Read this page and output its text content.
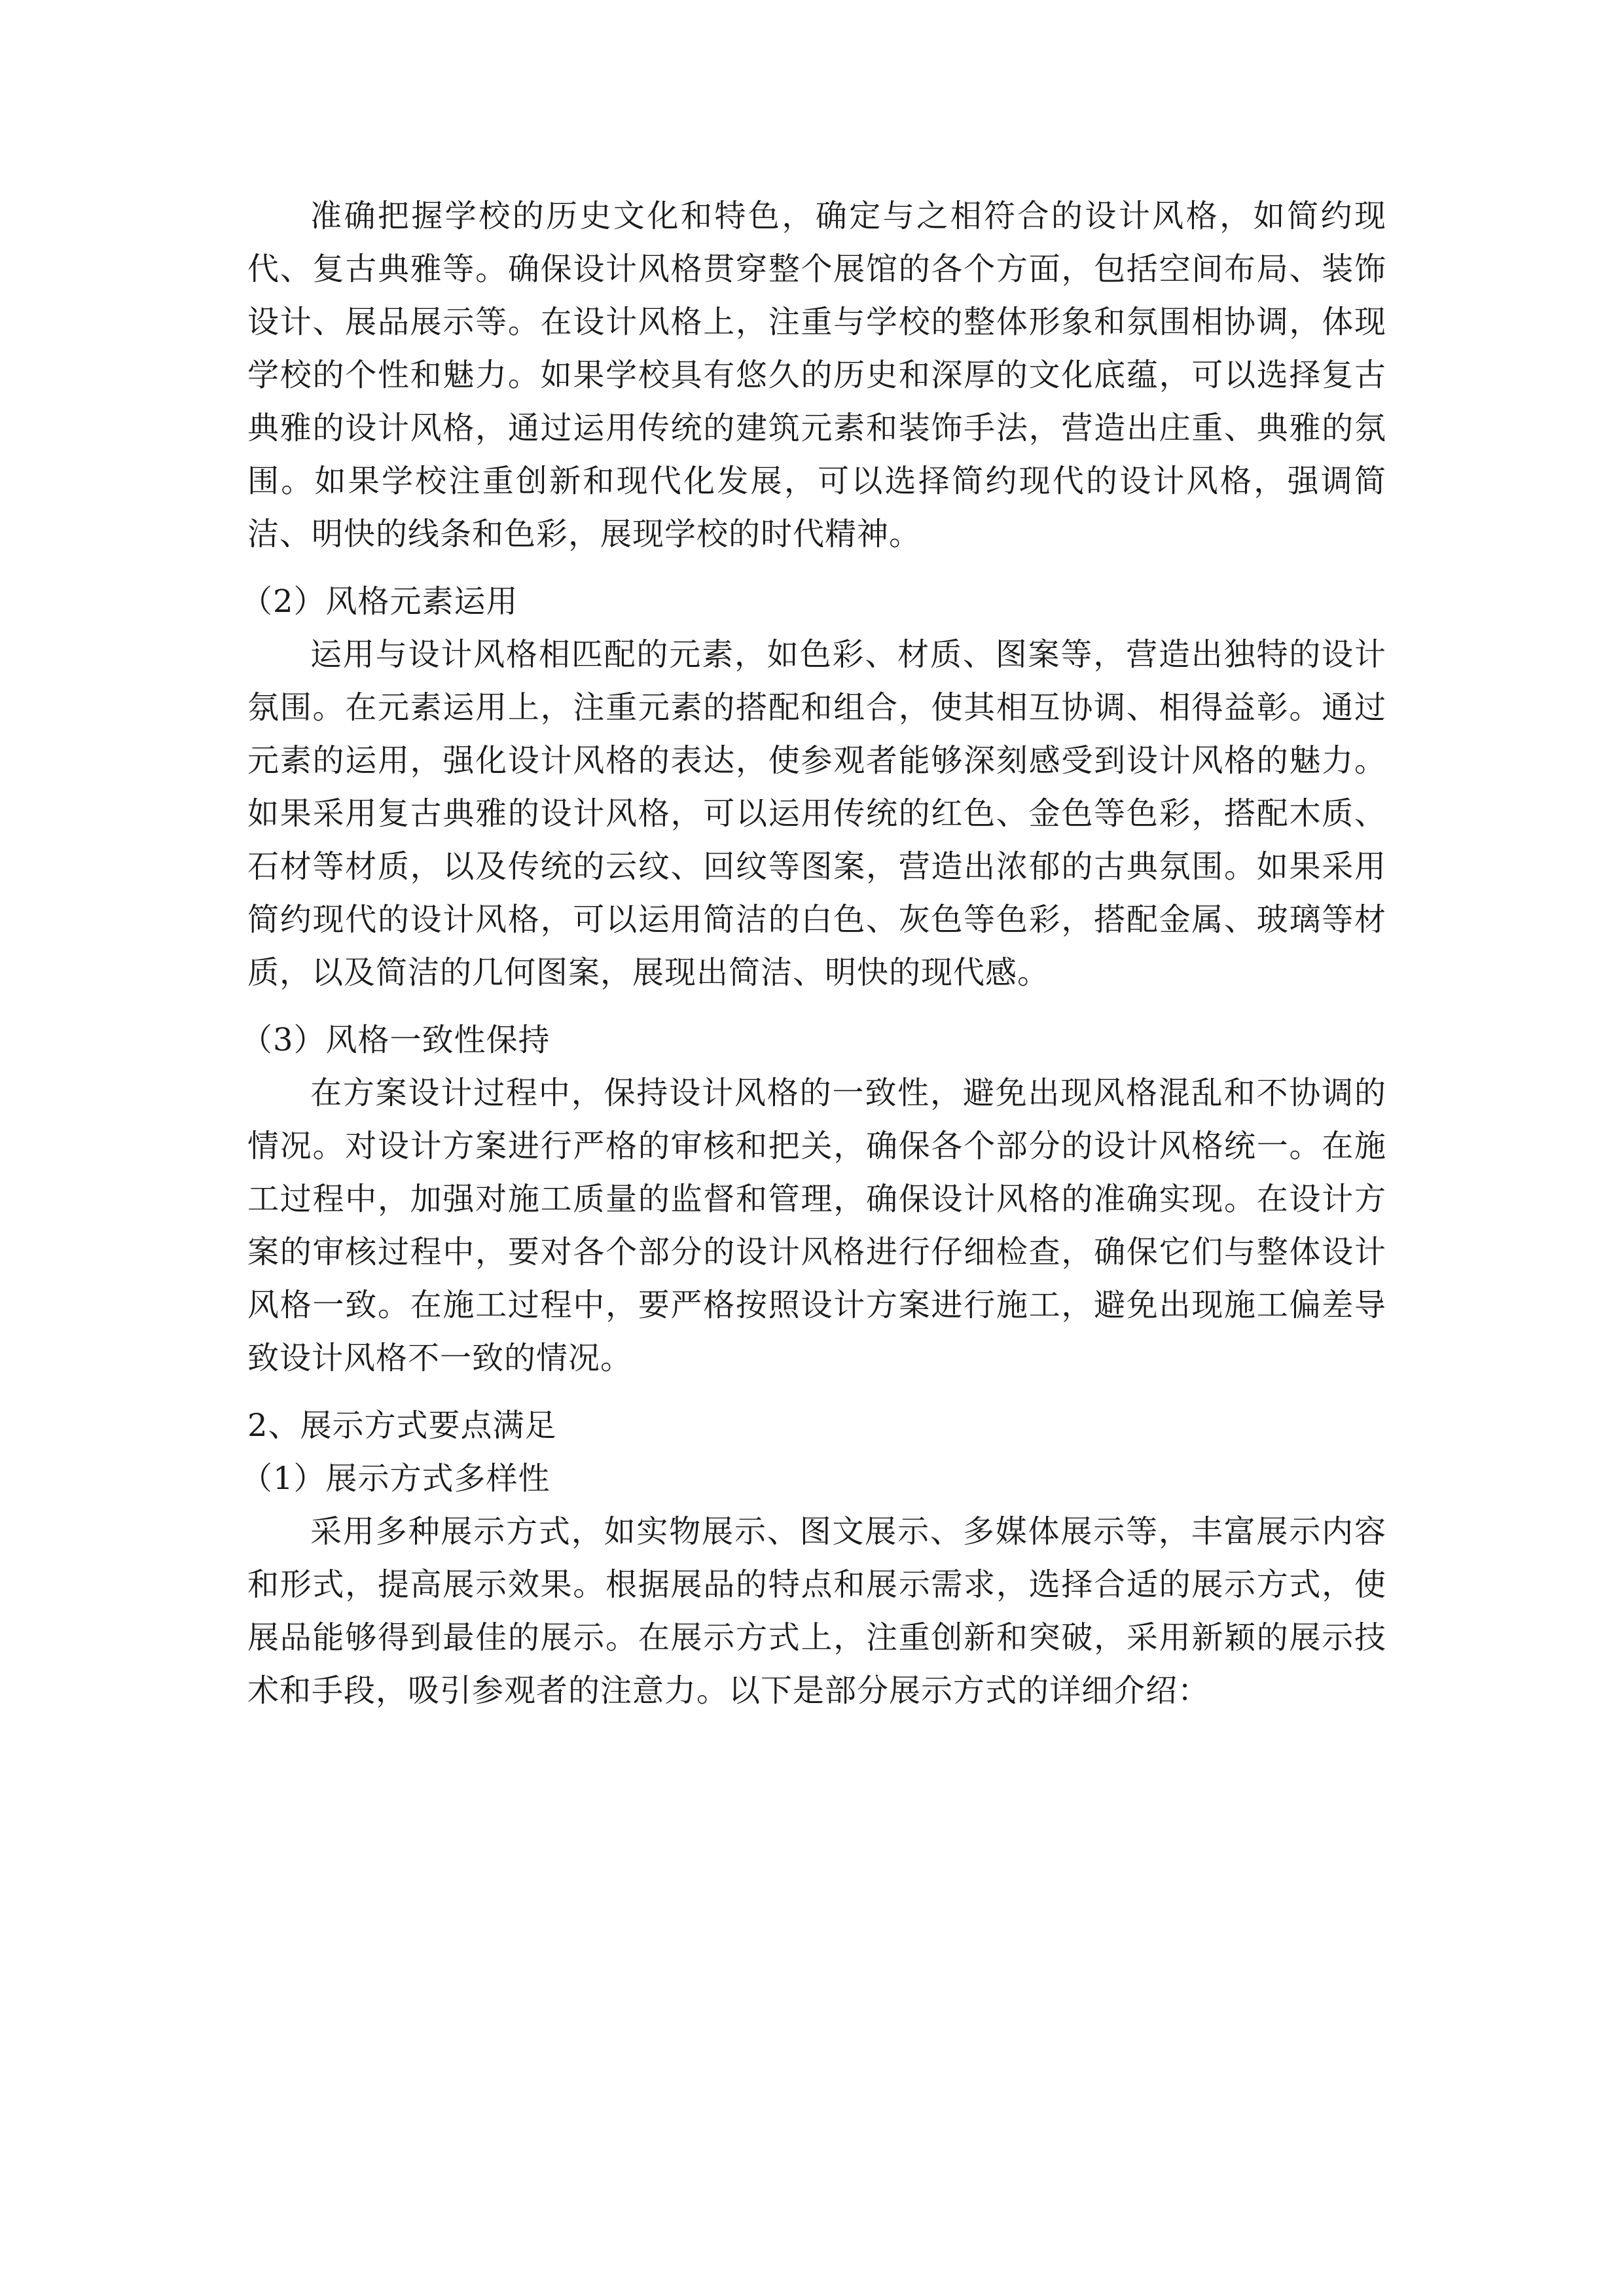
准确把握学校的历史文化和特色，确定与之相符合的设计风格，如简约现代、复古典雅等。确保设计风格贯穿整个展馆的各个方面，包括空间布局、装饰设计、展品展示等。在设计风格上，注重与学校的整体形象和氛围相协调，体现学校的个性和魅力。如果学校具有悠久的历史和深厚的文化底蕴，可以选择复古典雅的设计风格，通过运用传统的建筑元素和装饰手法，营造出庄重、典雅的氛围。如果学校注重创新和现代化发展，可以选择简约现代的设计风格，强调简洁、明快的线条和色彩，展现学校的时代精神。

（2）风格元素运用

运用与设计风格相匹配的元素，如色彩、材质、图案等，营造出独特的设计氛围。在元素运用上，注重元素的搭配和组合，使其相互协调、相得益彰。通过元素的运用，强化设计风格的表达，使参观者能够深刻感受到设计风格的魅力。如果采用复古典雅的设计风格，可以运用传统的红色、金色等色彩，搭配木质、石材等材质，以及传统的云纹、回纹等图案，营造出浓郁的古典氛围。如果采用简约现代的设计风格，可以运用简洁的白色、灰色等色彩，搭配金属、玻璃等材质，以及简洁的几何图案，展现出简洁、明快的现代感。

（3）风格一致性保持

在方案设计过程中，保持设计风格的一致性，避免出现风格混乱和不协调的情况。对设计方案进行严格的审核和把关，确保各个部分的设计风格统一。在施工过程中，加强对施工质量的监督和管理，确保设计风格的准确实现。在设计方案的审核过程中，要对各个部分的设计风格进行仔细检查，确保它们与整体设计风格一致。在施工过程中，要严格按照设计方案进行施工，避免出现施工偏差导致设计风格不一致的情况。

2、展示方式要点满足

（1）展示方式多样性

采用多种展示方式，如实物展示、图文展示、多媒体展示等，丰富展示内容和形式，提高展示效果。根据展品的特点和展示需求，选择合适的展示方式，使展品能够得到最佳的展示。在展示方式上，注重创新和突破，采用新颖的展示技术和手段，吸引参观者的注意力。以下是部分展示方式的详细介绍：
